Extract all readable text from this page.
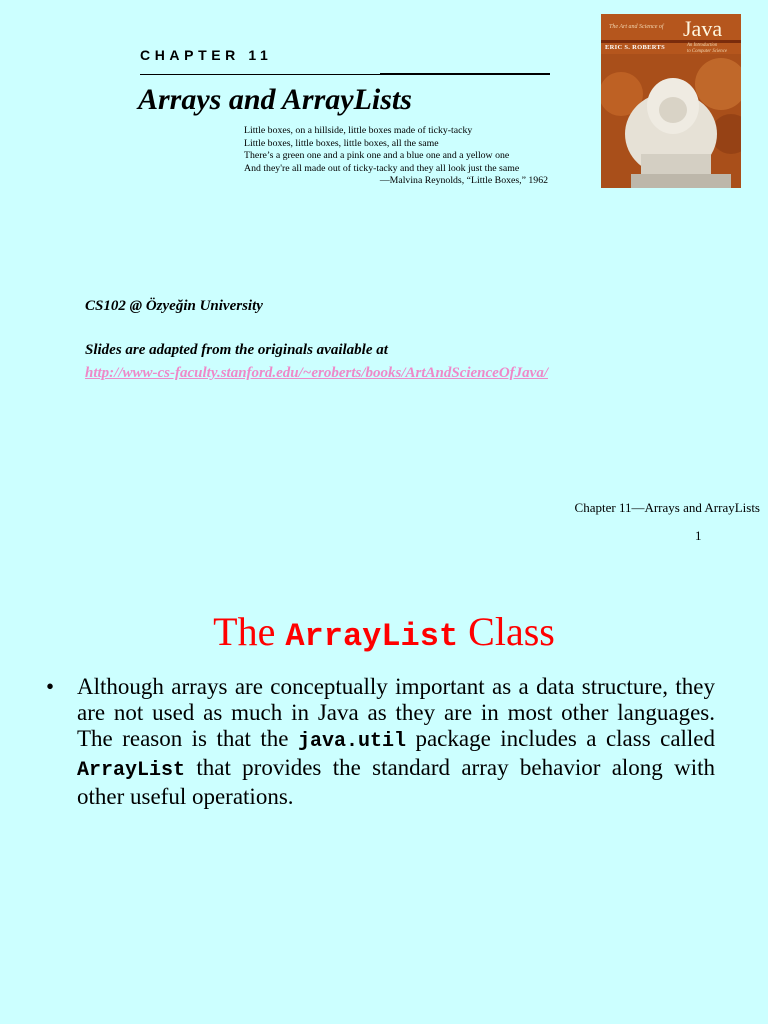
CHAPTER 11
Arrays and ArrayLists
Little boxes, on a hillside, little boxes made of ticky-tacky
Little boxes, little boxes, little boxes, all the same
There’s a green one and a pink one and a blue one and a yellow one
And they're all made out of ticky-tacky and they all look just the same
—Malvina Reynolds, “Little Boxes,” 1962
The Art and Science of Java
ERIC S. ROBERTS	An Introduction
to Computer Science
CS102 @ Özyeğin University
Slides are adapted from the originals available at
http://www-cs-faculty.stanford.edu/~eroberts/books/ArtAndScienceOfJava/
Chapter 11—Arrays and ArrayLists
1
The ArrayList Class
• Although arrays are conceptually important as a data structure, they are not used as much in Java as they are in most other languages. The reason is that the java.util package includes a class called ArrayList that provides the standard array behavior along with other useful operations.
